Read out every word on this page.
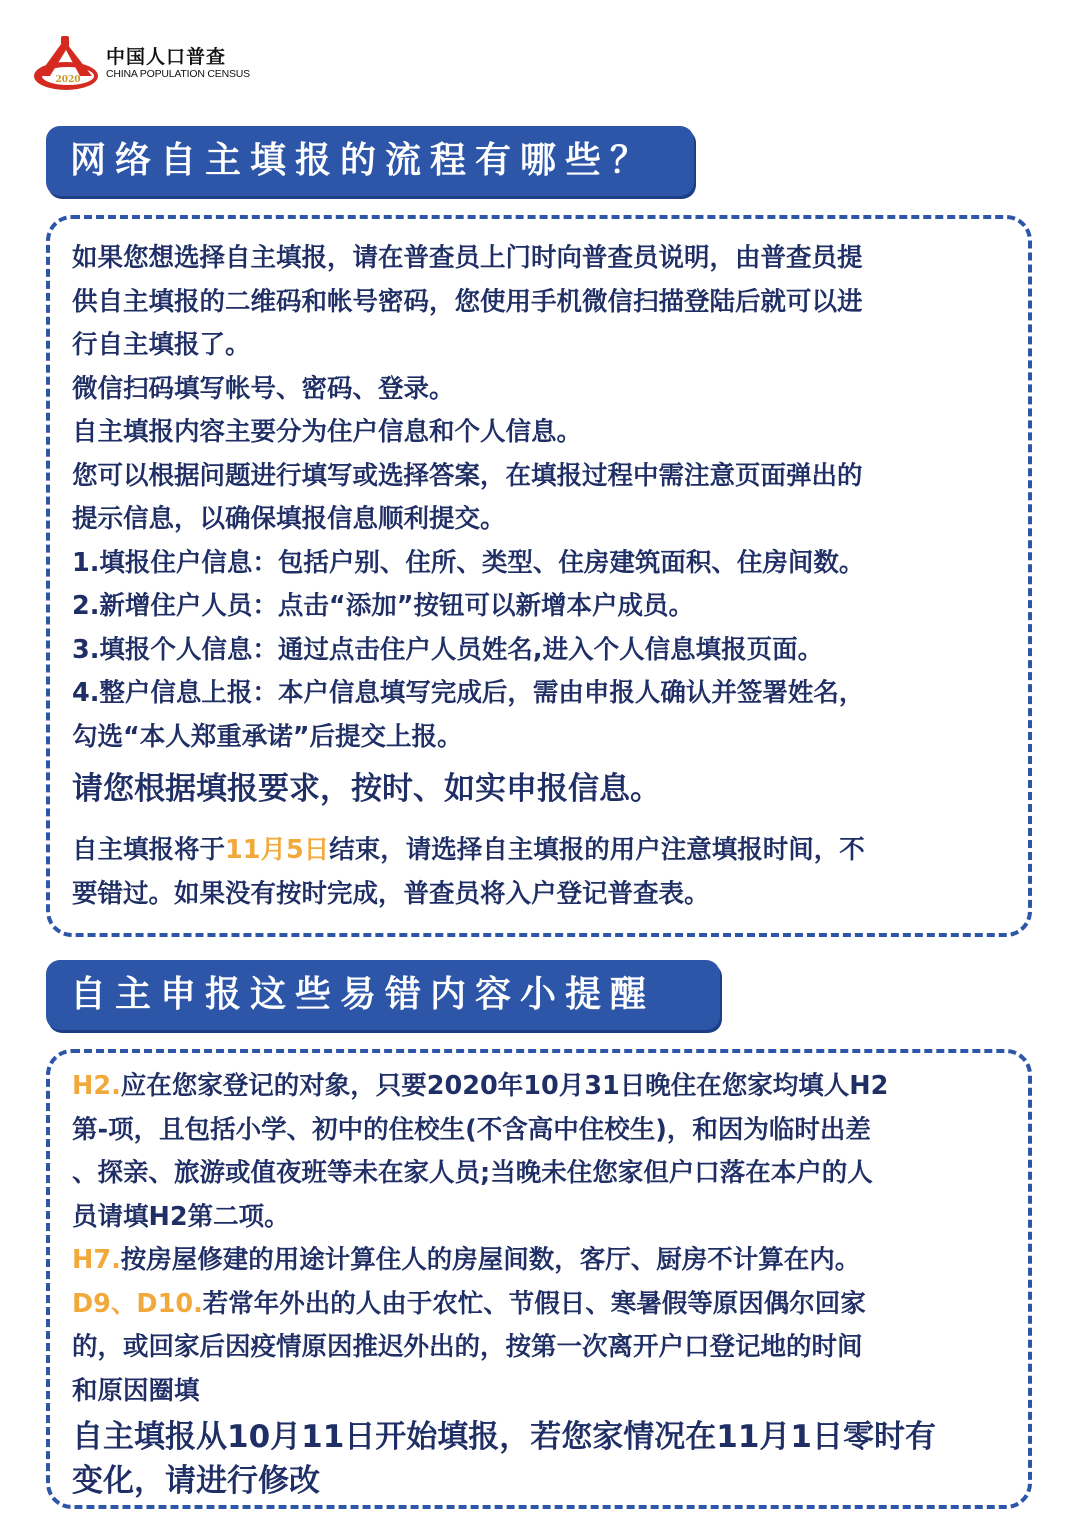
2020
中国人口普查
CHINA POPULATION CENSUS
网络自主填报的流程有哪些？
如果您想选择自主填报，请在普查员上门时向普查员说明，由普查员提
供自主填报的二维码和帐号密码，您使用手机微信扫描登陆后就可以进
行自主填报了。
微信扫码填写帐号、密码、登录。
自主填报内容主要分为住户信息和个人信息。
您可以根据问题进行填写或选择答案，在填报过程中需注意页面弹出的
提示信息，以确保填报信息顺利提交。
1.填报住户信息：包括户别、住所、类型、住房建筑面积、住房间数。
2.新增住户人员：点击“添加”按钮可以新增本户成员。
3.填报个人信息：通过点击住户人员姓名,进入个人信息填报页面。
4.整户信息上报：本户信息填写完成后，需由申报人确认并签署姓名，
勾选“本人郑重承诺”后提交上报。
请您根据填报要求，按时、如实申报信息。
自主填报将于11月5日结束，请选择自主填报的用户注意填报时间，不
要错过。如果没有按时完成，普查员将入户登记普查表。
自主申报这些易错内容小提醒
H2.应在您家登记的对象，只要2020年10月31日晚住在您家均填人H2
第-项，且包括小学、初中的住校生(不含高中住校生)，和因为临时出差
、探亲、旅游或值夜班等未在家人员;当晚未住您家但户口落在本户的人
员请填H2第二项。
H7.按房屋修建的用途计算住人的房屋间数，客厅、厨房不计算在内。
D9、D10.若常年外出的人由于农忙、节假日、寒暑假等原因偶尔回家
的，或回家后因疫情原因推迟外出的，按第一次离开户口登记地的时间
和原因圈填
自主填报从10月11日开始填报，若您家情况在11月1日零时有
变化，请进行修改
